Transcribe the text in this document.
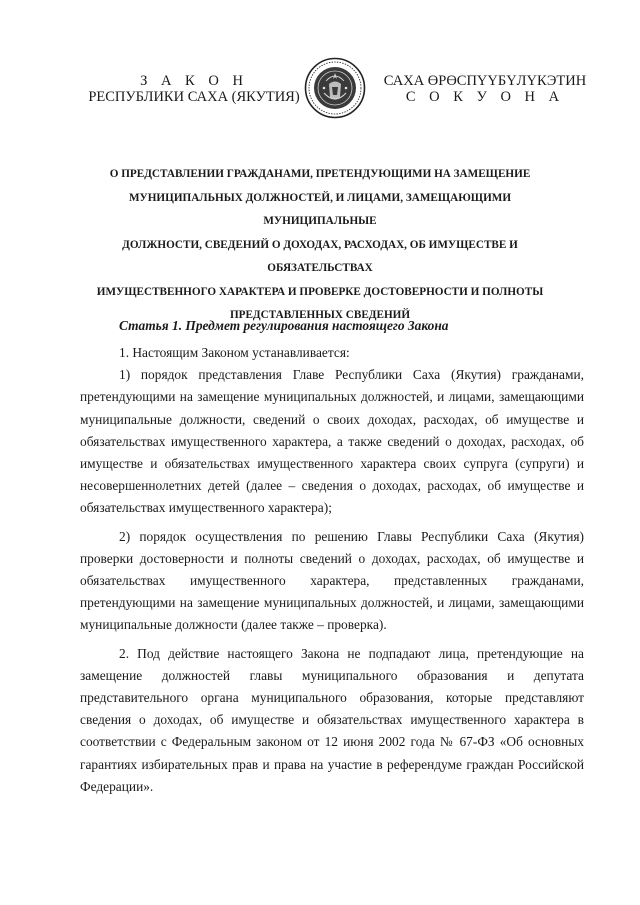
З А К О Н
РЕСПУБЛИКИ САХА (ЯКУТИЯ)
САХА ӨРӨСПҮҮБҮЛҮКЭТИН
С О К У О Н А
О ПРЕДСТАВЛЕНИИ ГРАЖДАНАМИ, ПРЕТЕНДУЮЩИМИ НА ЗАМЕЩЕНИЕ
МУНИЦИПАЛЬНЫХ ДОЛЖНОСТЕЙ, И ЛИЦАМИ, ЗАМЕЩАЮЩИМИ МУНИЦИПАЛЬНЫЕ
ДОЛЖНОСТИ, СВЕДЕНИЙ О ДОХОДАХ, РАСХОДАХ, ОБ ИМУЩЕСТВЕ И ОБЯЗАТЕЛЬСТВАХ
ИМУЩЕСТВЕННОГО ХАРАКТЕРА И ПРОВЕРКЕ ДОСТОВЕРНОСТИ И ПОЛНОТЫ
ПРЕДСТАВЛЕННЫХ СВЕДЕНИЙ
Статья 1. Предмет регулирования настоящего Закона

1. Настоящим Законом устанавливается:

1) порядок представления Главе Республики Саха (Якутия) гражданами, претендующими на замещение муниципальных должностей, и лицами, замещающими муниципальные должности, сведений о своих доходах, расходах, об имуществе и обязательствах имущественного характера, а также сведений о доходах, расходах, об имуществе и обязательствах имущественного характера своих супруга (супруги) и несовершеннолетних детей (далее – сведения о доходах, расходах, об имуществе и обязательствах имущественного характера);

2) порядок осуществления по решению Главы Республики Саха (Якутия) проверки достоверности и полноты сведений о доходах, расходах, об имуществе и обязательствах имущественного характера, представленных гражданами, претендующими на замещение муниципальных должностей, и лицами, замещающими муниципальные должности (далее также – проверка).

2. Под действие настоящего Закона не подпадают лица, претендующие на замещение должностей главы муниципального образования и депутата представительного органа муниципального образования, которые представляют сведения о доходах, об имуществе и обязательствах имущественного характера в соответствии с Федеральным законом от 12 июня 2002 года № 67-ФЗ «Об основных гарантиях избирательных прав и права на участие в референдуме граждан Российской Федерации».
